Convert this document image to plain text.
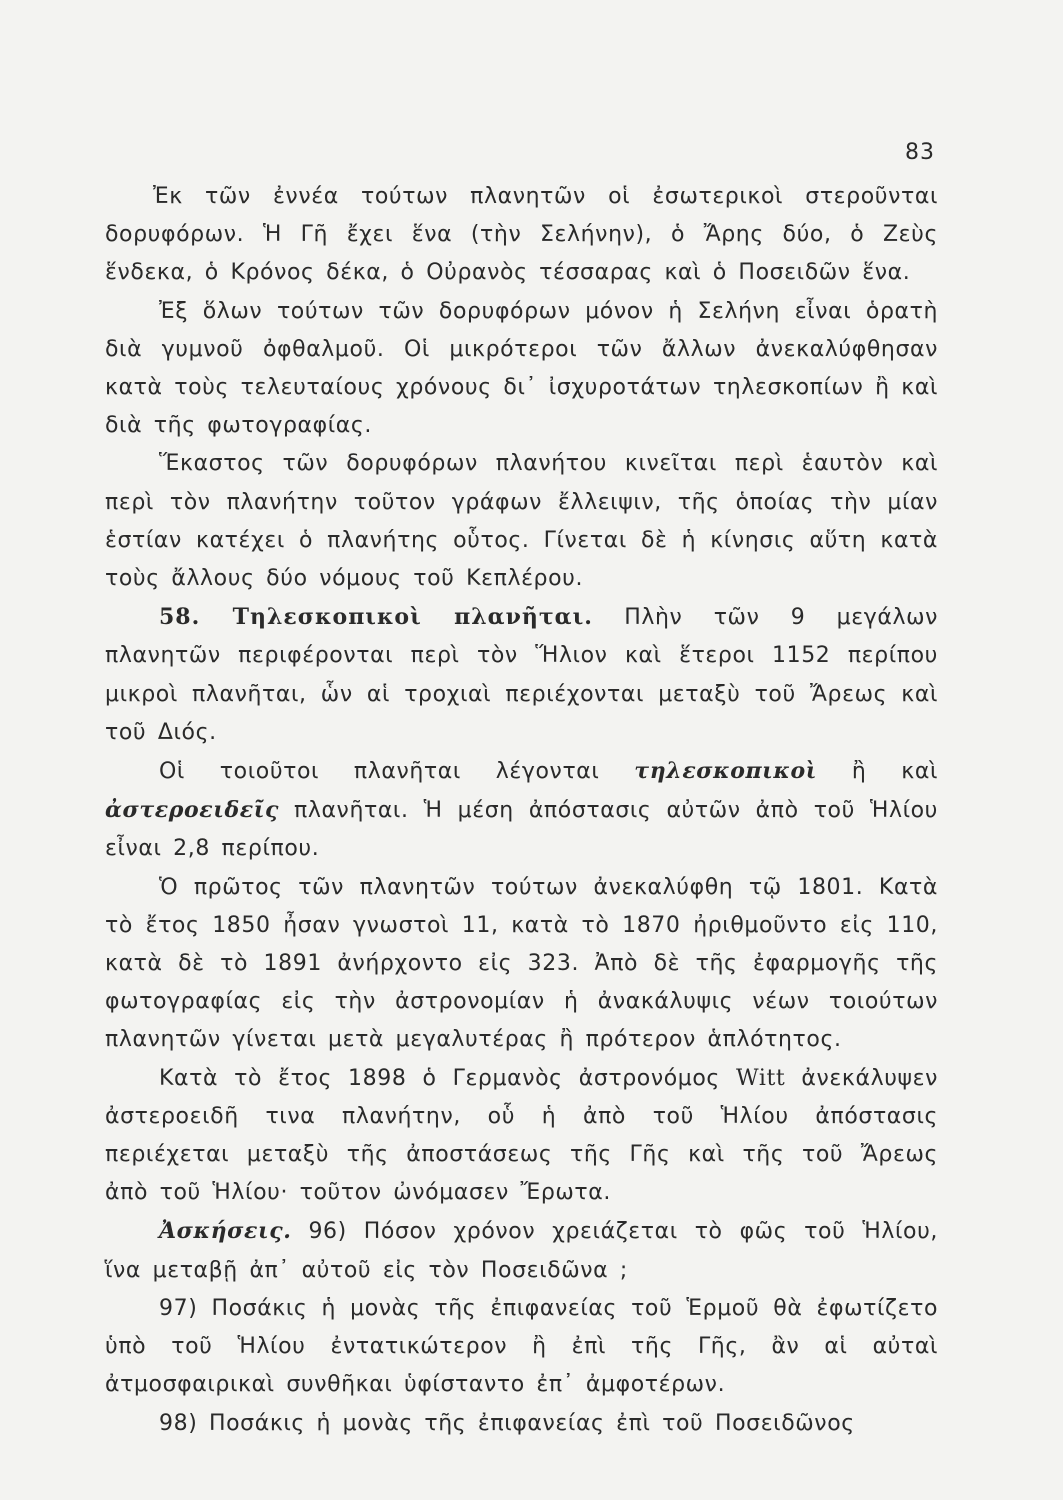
83

Ἐκ τῶν ἐννέα τούτων πλανητῶν οἱ ἐσωτερικοὶ στεροῦνται δορυφόρων. Ἡ Γῆ ἔχει ἕνα (τὴν Σελήνην), ὁ Ἄρης δύο, ὁ Ζεὺς ἕνδεκα, ὁ Κρόνος δέκα, ὁ Οὐρανὸς τέσσαρας καὶ ὁ Ποσειδῶν ἕνα.

Ἐξ ὅλων τούτων τῶν δορυφόρων μόνον ἡ Σελήνη εἶναι ὁρατὴ διὰ γυμνοῦ ὀφθαλμοῦ. Οἱ μικρότεροι τῶν ἄλλων ἀνεκαλύφθησαν κατὰ τοὺς τελευταίους χρόνους δι᾽ ἰσχυροτάτων τηλεσκοπίων ἢ καὶ διὰ τῆς φωτογραφίας.

Ἕκαστος τῶν δορυφόρων πλανήτου κινεῖται περὶ ἑαυτὸν καὶ περὶ τὸν πλανήτην τοῦτον γράφων ἔλλειψιν, τῆς ὁποίας τὴν μίαν ἑστίαν κατέχει ὁ πλανήτης οὗτος. Γίνεται δὲ ἡ κίνησις αὕτη κατὰ τοὺς ἄλλους δύο νόμους τοῦ Κεπλέρου.

58. Τηλεσκοπικοὶ πλανῆται. Πλὴν τῶν 9 μεγάλων πλανητῶν περιφέρονται περὶ τὸν Ἥλιον καὶ ἕτεροι 1152 περίπου μικροὶ πλανῆται, ὧν αἱ τροχιαὶ περιέχονται μεταξὺ τοῦ Ἄρεως καὶ τοῦ Διός.

Οἱ τοιοῦτοι πλανῆται λέγονται τηλεσκοπικοὶ ἢ καὶ ἀστεροειδεῖς πλανῆται. Ἡ μέση ἀπόστασις αὐτῶν ἀπὸ τοῦ Ἡλίου εἶναι 2,8 περίπου.

Ὁ πρῶτος τῶν πλανητῶν τούτων ἀνεκαλύφθη τῷ 1801. Κατὰ τὸ ἔτος 1850 ἦσαν γνωστοὶ 11, κατὰ τὸ 1870 ἠριθμοῦντο εἰς 110, κατὰ δὲ τὸ 1891 ἀνήρχοντο εἰς 323. Ἀπὸ δὲ τῆς ἐφαρμογῆς τῆς φωτογραφίας εἰς τὴν ἀστρονομίαν ἡ ἀνακάλυψις νέων τοιούτων πλανητῶν γίνεται μετὰ μεγαλυτέρας ἢ πρότερον ἁπλότητος.

Κατὰ τὸ ἔτος 1898 ὁ Γερμανὸς ἀστρονόμος Witt ἀνεκάλυψεν ἀστεροειδῆ τινα πλανήτην, οὗ ἡ ἀπὸ τοῦ Ἡλίου ἀπόστασις περιέχεται μεταξὺ τῆς ἀποστάσεως τῆς Γῆς καὶ τῆς τοῦ Ἄρεως ἀπὸ τοῦ Ἡλίου· τοῦτον ὠνόμασεν Ἔρωτα.

Ἀσκήσεις. 96) Πόσον χρόνον χρειάζεται τὸ φῶς τοῦ Ἡλίου, ἵνα μεταβῇ ἀπ᾽ αὐτοῦ εἰς τὸν Ποσειδῶνα ;

97) Ποσάκις ἡ μονὰς τῆς ἐπιφανείας τοῦ Ἑρμοῦ θὰ ἐφωτίζετο ὑπὸ τοῦ Ἡλίου ἐντατικώτερον ἢ ἐπὶ τῆς Γῆς, ἂν αἱ αὐταὶ ἀτμοσφαιρικαὶ συνθῆκαι ὑφίσταντο ἐπ᾽ ἀμφοτέρων.

98) Ποσάκις ἡ μονὰς τῆς ἐπιφανείας ἐπὶ τοῦ Ποσειδῶνος
